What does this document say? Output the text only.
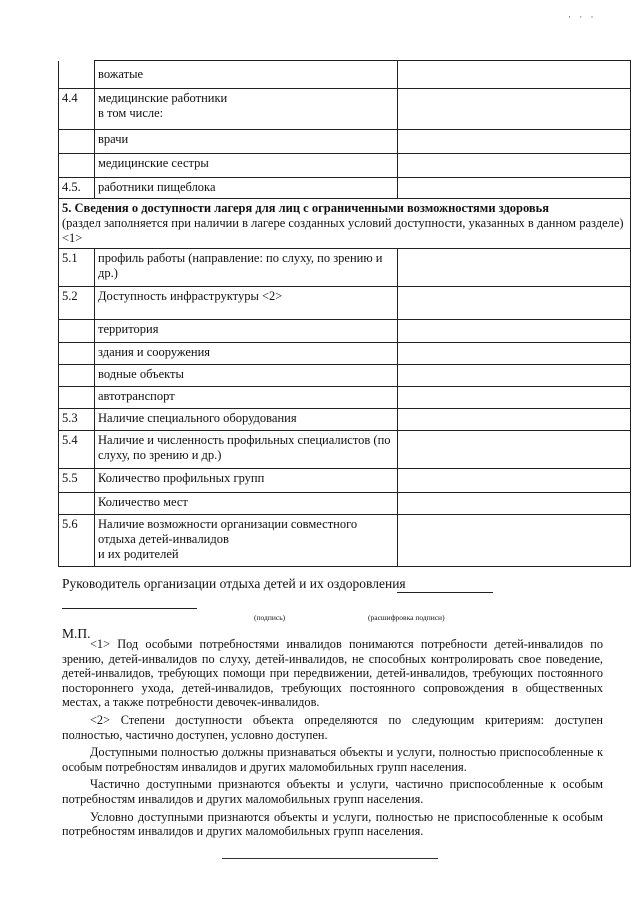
· · ·
	вожатые	
4.4	медицинские работники
в том числе:	
	врачи	
	медицинские сестры	
4.5.	работники пищеблока	
5. Сведения о доступности лагеря для лиц с ограниченными возможностями здоровья
(раздел заполняется при наличии в лагере созданных условий доступности, указанных в данном разделе) <1>		
5.1	профиль работы (направление: по слуху, по зрению и др.)	
5.2	Доступность инфраструктуры <2>	
	территория	
	здания и сооружения	
	водные объекты	
	автотранспорт	
5.3	Наличие специального оборудования	
5.4	Наличие и численность профильных специалистов (по слуху, по зрению и др.)	
5.5	Количество профильных групп	
	Количество мест	
5.6	Наличие возможности организации совместного отдыха детей-инвалидов
и их родителей	
Руководитель организации отдыха детей и их оздоровления
(подпись)	(расшифровка подписи)
М.П.

<1> Под особыми потребностями инвалидов понимаются потребности детей-инвалидов по зрению, детей-инвалидов по слуху, детей-инвалидов, не способных контролировать свое поведение, детей-инвалидов, требующих помощи при передвижении, детей-инвалидов, требующих постоянного постороннего ухода, детей-инвалидов, требующих постоянного сопровождения в общественных местах, а также потребности девочек-инвалидов.

<2> Степени доступности объекта определяются по следующим критериям: доступен полностью, частично доступен, условно доступен.

Доступными полностью должны признаваться объекты и услуги, полностью приспособленные к особым потребностям инвалидов и других маломобильных групп населения.

Частично доступными признаются объекты и услуги, частично приспособленные к особым потребностям инвалидов и других маломобильных групп населения.

Условно доступными признаются объекты и услуги, полностью не приспособленные к особым потребностям инвалидов и других маломобильных групп населения.
